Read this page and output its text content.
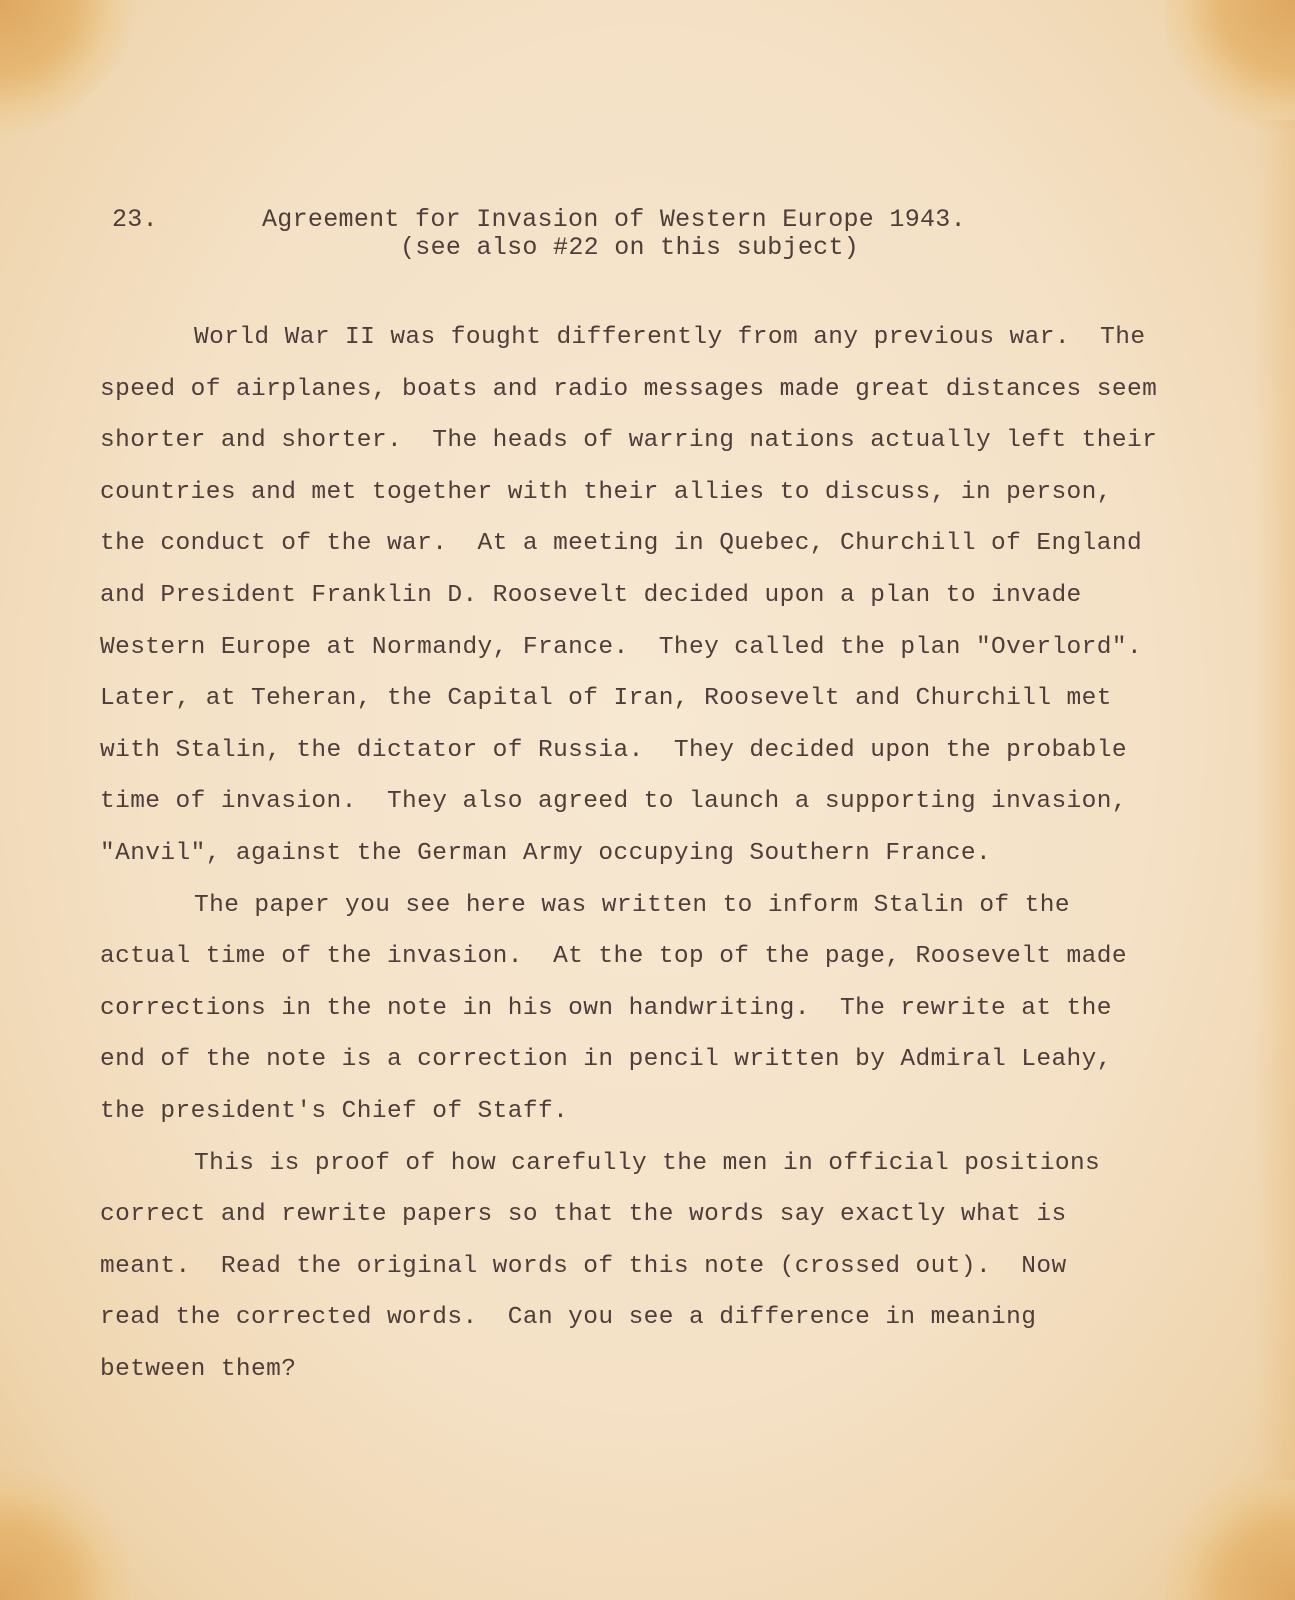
23.	Agreement for Invasion of Western Europe 1943.
(see also #22 on this subject)
World War II was fought differently from any previous war.  The
speed of airplanes, boats and radio messages made great distances seem
shorter and shorter.  The heads of warring nations actually left their
countries and met together with their allies to discuss, in person,
the conduct of the war.  At a meeting in Quebec, Churchill of England
and President Franklin D. Roosevelt decided upon a plan to invade
Western Europe at Normandy, France.  They called the plan "Overlord".
Later, at Teheran, the Capital of Iran, Roosevelt and Churchill met
with Stalin, the dictator of Russia.  They decided upon the probable
time of invasion.  They also agreed to launch a supporting invasion,
"Anvil", against the German Army occupying Southern France.
The paper you see here was written to inform Stalin of the
actual time of the invasion.  At the top of the page, Roosevelt made
corrections in the note in his own handwriting.  The rewrite at the
end of the note is a correction in pencil written by Admiral Leahy,
the president's Chief of Staff.
This is proof of how carefully the men in official positions
correct and rewrite papers so that the words say exactly what is
meant.  Read the original words of this note (crossed out).  Now
read the corrected words.  Can you see a difference in meaning
between them?
